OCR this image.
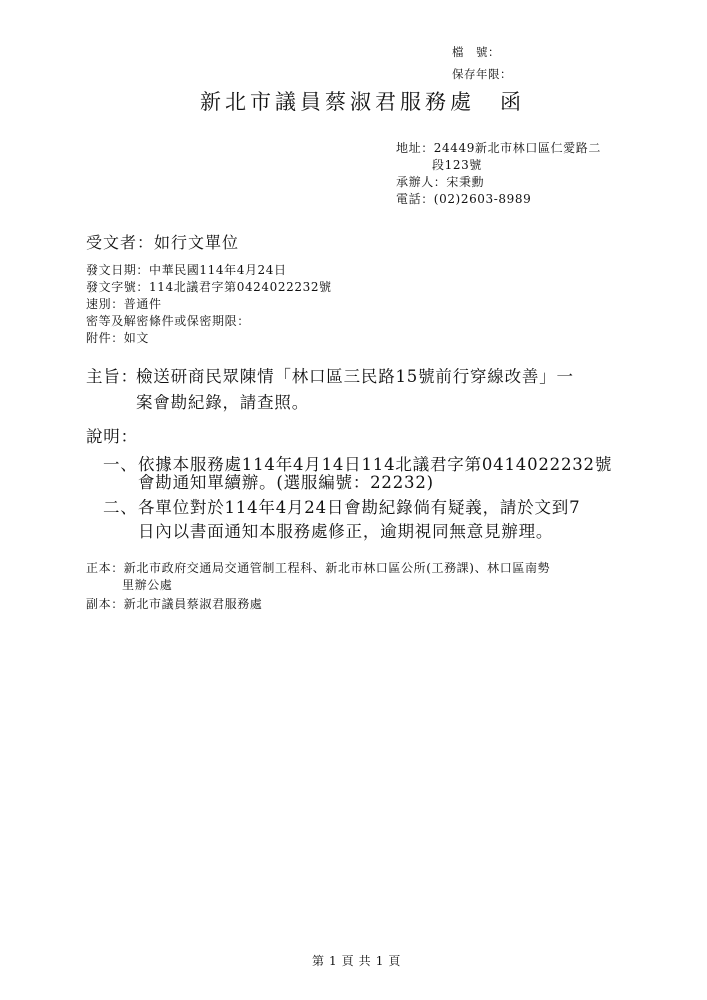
檔　號：
保存年限：
新北市議員蔡淑君服務處　函
地址：24449新北市林口區仁愛路二
段123號
承辦人：宋秉勳
電話：(02)2603-8989
受文者：如行文單位
發文日期：中華民國114年4月24日
發文字號：114北議君字第0424022232號
速別：普通件
密等及解密條件或保密期限：
附件：如文
主旨：
檢送研商民眾陳情「林口區三民路15號前行穿線改善」一
案會勘紀錄，請查照。
說明：
一、 依據本服務處114年4月14日114北議君字第0414022232號
會勘通知單續辦。(選服編號：22232)
二、 各單位對於114年4月24日會勘紀錄倘有疑義，請於文到7
日內以書面通知本服務處修正，逾期視同無意見辦理。
正本：新北市政府交通局交通管制工程科、新北市林口區公所(工務課)、林口區南勢
里辦公處
副本：新北市議員蔡淑君服務處
第 1 頁 共 1 頁
